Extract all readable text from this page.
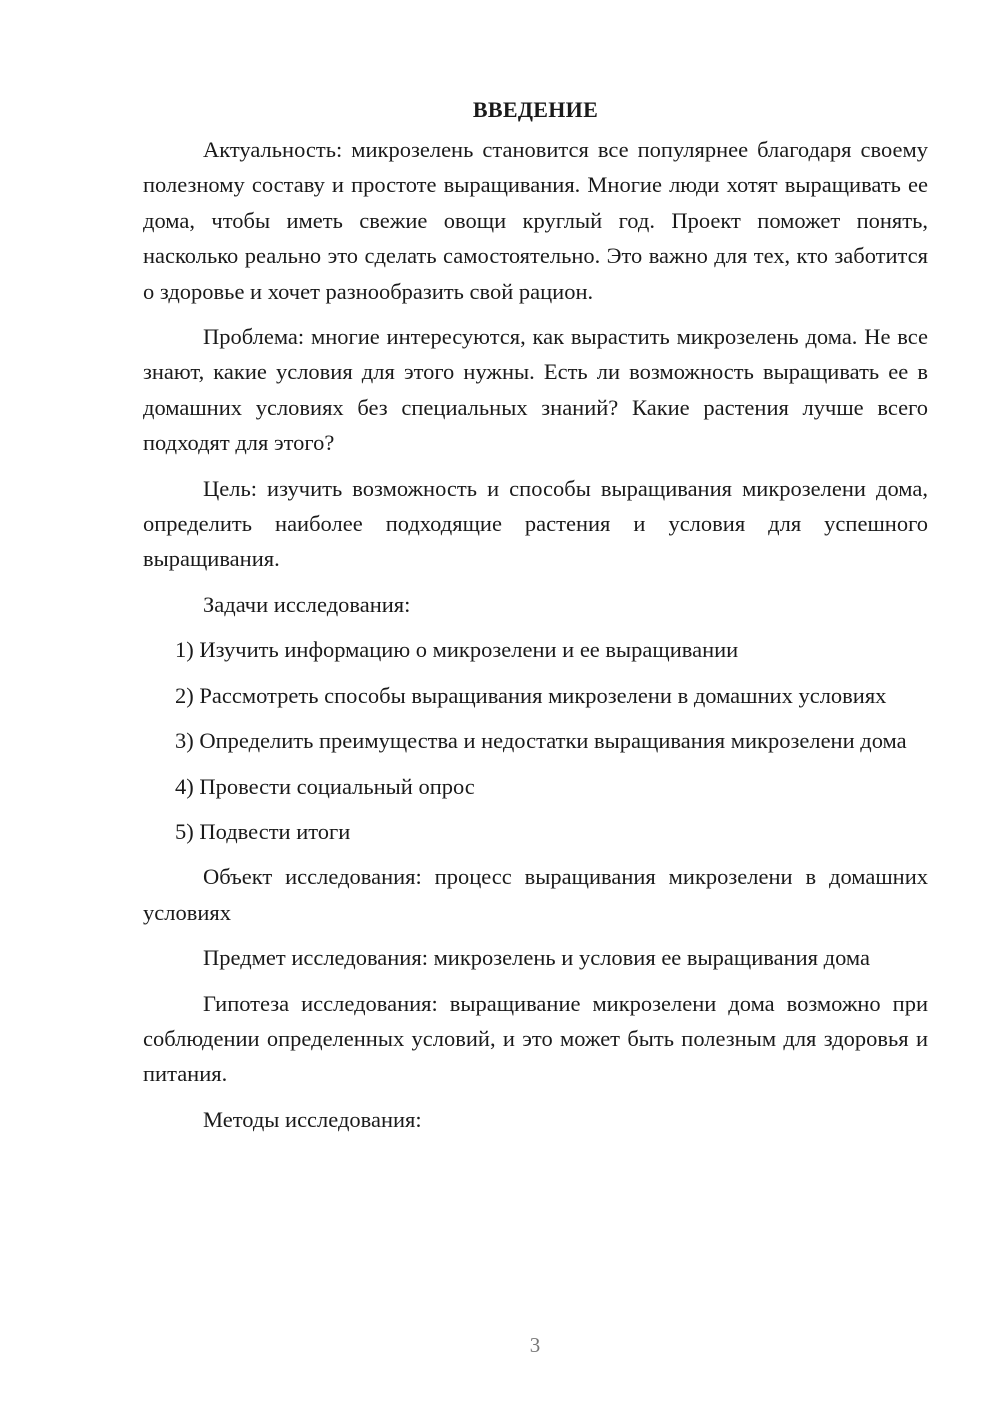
ВВЕДЕНИЕ

Актуальность: микрозелень становится все популярнее благодаря своему полезному составу и простоте выращивания. Многие люди хотят выращивать ее дома, чтобы иметь свежие овощи круглый год. Проект поможет понять, насколько реально это сделать самостоятельно. Это важно для тех, кто заботится о здоровье и хочет разнообразить свой рацион.

Проблема: многие интересуются, как вырастить микрозелень дома. Не все знают, какие условия для этого нужны. Есть ли возможность выращивать ее в домашних условиях без специальных знаний? Какие растения лучше всего подходят для этого?

Цель: изучить возможность и способы выращивания микрозелени дома, определить наиболее подходящие растения и условия для успешного выращивания.

Задачи исследования:

1) Изучить информацию о микрозелени и ее выращивании

2) Рассмотреть способы выращивания микрозелени в домашних условиях

3) Определить преимущества и недостатки выращивания микрозелени дома

4) Провести социальный опрос

5) Подвести итоги

Объект исследования: процесс выращивания микрозелени в домашних условиях

Предмет исследования: микрозелень и условия ее выращивания дома

Гипотеза исследования: выращивание микрозелени дома возможно при соблюдении определенных условий, и это может быть полезным для здоровья и питания.

Методы исследования:

3
